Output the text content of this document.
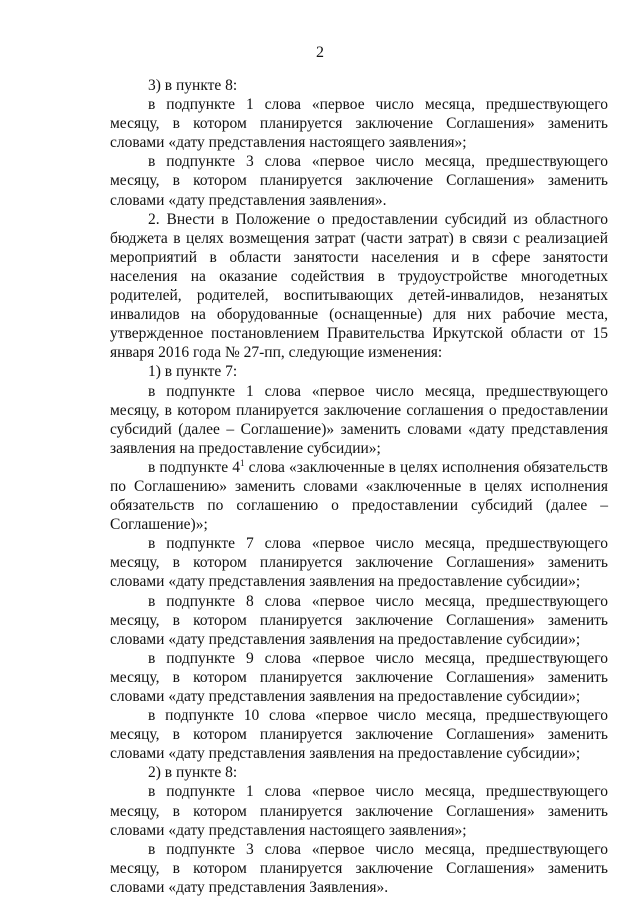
2

3) в пункте 8:

в подпункте 1 слова «первое число месяца, предшествующего месяцу, в котором планируется заключение Соглашения» заменить словами «дату представления настоящего заявления»;

в подпункте 3 слова «первое число месяца, предшествующего месяцу, в котором планируется заключение Соглашения» заменить словами «дату представления заявления».

2. Внести в Положение о предоставлении субсидий из областного бюджета в целях возмещения затрат (части затрат) в связи с реализацией мероприятий в области занятости населения и в сфере занятости населения на оказание содействия в трудоустройстве многодетных родителей, родителей, воспитывающих детей-инвалидов, незанятых инвалидов на оборудованные (оснащенные) для них рабочие места, утвержденное постановлением Правительства Иркутской области от 15 января 2016 года № 27-пп, следующие изменения:

1) в пункте 7:

в подпункте 1 слова «первое число месяца, предшествующего месяцу, в котором планируется заключение соглашения о предоставлении субсидий (далее – Соглашение)» заменить словами «дату представления заявления на предоставление субсидии»;

в подпункте $4^1$ слова «заключенные в целях исполнения обязательств по Соглашению» заменить словами «заключенные в целях исполнения обязательств по соглашению о предоставлении субсидий (далее – Соглашение)»;

в подпункте 7 слова «первое число месяца, предшествующего месяцу, в котором планируется заключение Соглашения» заменить словами «дату представления заявления на предоставление субсидии»;

в подпункте 8 слова «первое число месяца, предшествующего месяцу, в котором планируется заключение Соглашения» заменить словами «дату представления заявления на предоставление субсидии»;

в подпункте 9 слова «первое число месяца, предшествующего месяцу, в котором планируется заключение Соглашения» заменить словами «дату представления заявления на предоставление субсидии»;

в подпункте 10 слова «первое число месяца, предшествующего месяцу, в котором планируется заключение Соглашения» заменить словами «дату представления заявления на предоставление субсидии»;

2) в пункте 8:

в подпункте 1 слова «первое число месяца, предшествующего месяцу, в котором планируется заключение Соглашения» заменить словами «дату представления настоящего заявления»;

в подпункте 3 слова «первое число месяца, предшествующего месяцу, в котором планируется заключение Соглашения» заменить словами «дату представления Заявления».
